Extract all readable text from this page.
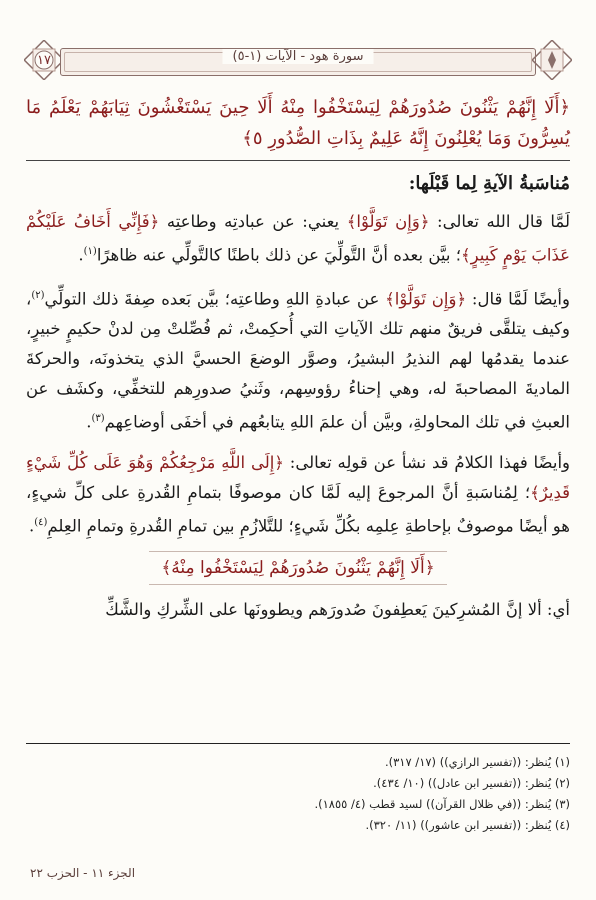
١٧	سورة هود - الآيات (١-٥)

﴿أَلَا إِنَّهُمْ يَثْنُونَ صُدُورَهُمْ لِيَسْتَخْفُوا مِنْهُ أَلَا حِينَ يَسْتَغْشُونَ ثِيَابَهُمْ يَعْلَمُ مَا يُسِرُّونَ وَمَا يُعْلِنُونَ إِنَّهُ عَلِيمٌ بِذَاتِ الصُّدُورِ ٥﴾

مُناسَبةُ الآيةِ لِما قَبْلَها:

لَمَّا قال الله تعالى: ﴿وَإِن تَوَلَّوْا﴾ يعني: عن عبادتِه وطاعتِه ﴿فَإِنِّي أَخَافُ عَلَيْكُمْ عَذَابَ يَوْمٍ كَبِيرٍ﴾؛ بيَّن بعده أنَّ التَّولِّيَ عن ذلك باطنًا كالتَّولِّي عنه ظاهرًا$^{(١)}$.

وأيضًا لَمَّا قال: ﴿وَإِن تَوَلَّوْا﴾ عن عبادةِ اللهِ وطاعتِه؛ بيَّن بَعده صِفةَ ذلك التولِّي$^{(٢)}$، وكيف يتلقَّى فريقٌ منهم تلك الآياتِ التي أُحكِمتْ، ثم فُصِّلتْ مِن لدنْ حكيمٍ خبيرٍ، عندما يقدمُها لهم النذيرُ البشيرُ، وصوَّر الوضعَ الحسيَّ الذي يتخذونَه، والحركةَ الماديةَ المصاحبةَ له، وهي إحناءُ رؤوسِهم، وثَنيُ صدورِهم للتخفِّي، وكشَف عن العبثِ في تلك المحاولةِ، وبيَّن أن علمَ اللهِ يتابعُهم في أخفَى أوضاعِهم$^{(٣)}$.

وأيضًا فهذا الكلامُ قد نشأ عن قولِه تعالى: ﴿إِلَى اللَّهِ مَرْجِعُكُمْ وَهُوَ عَلَى كُلِّ شَيْءٍ قَدِيرٌ﴾؛ لِمُناسَبةِ أنَّ المرجوعَ إليه لَمَّا كان موصوفًا بتمامِ القُدرةِ على كلِّ شيءٍ، هو أيضًا موصوفٌ بإحاطةِ عِلمِه بكُلِّ شَيءٍ؛ للتَّلازُمِ بين تمامِ القُدرةِ وتمامِ العِلمِ$^{(٤)}$.

﴿أَلَا إِنَّهُمْ يَثْنُونَ صُدُورَهُمْ لِيَسْتَخْفُوا مِنْهُ﴾

أي: ألا إنَّ المُشرِكينَ يَعطِفونَ صُدورَهم ويطوونَها على الشِّركِ والشَّكِّ

(١) يُنظر: ((تفسير الرازي)) (١٧/ ٣١٧).

(٢) يُنظر: ((تفسير ابن عادل)) (١٠/ ٤٣٤).

(٣) يُنظر: ((في ظلال القرآن)) لسيد قطب (٤/ ١٨٥٥).

(٤) يُنظر: ((تفسير ابن عاشور)) (١١/ ٣٢٠).

الجزء ١١ - الحزب ٢٢
